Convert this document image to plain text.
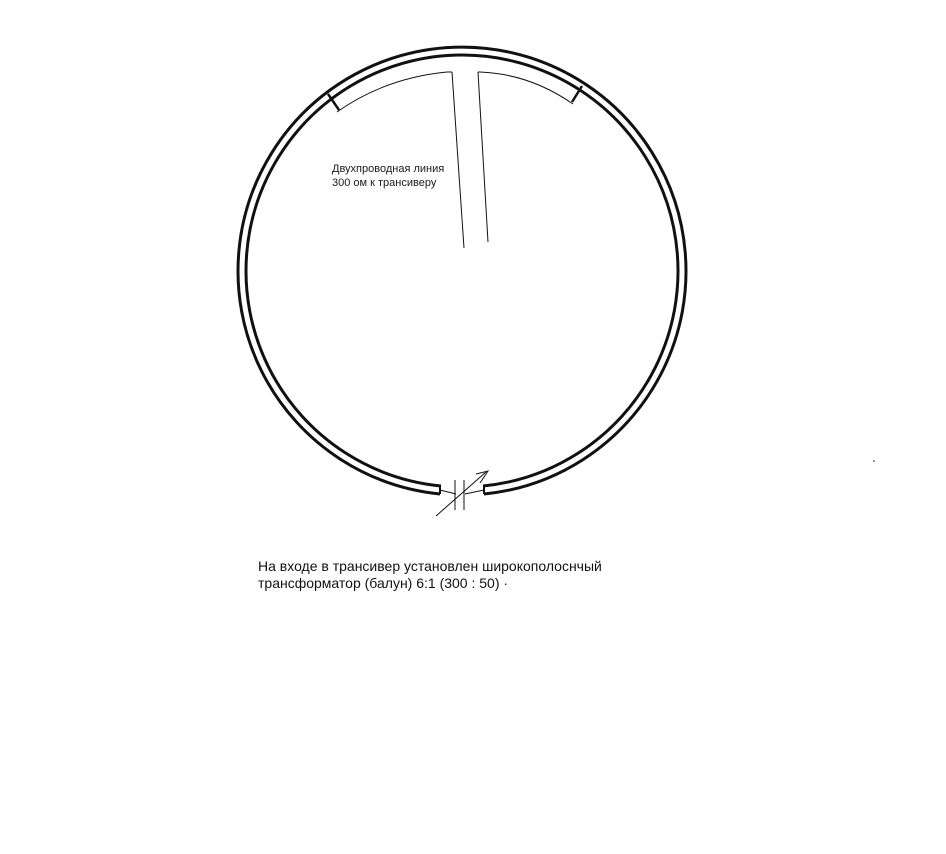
Двухпроводная линия
300 ом к трансиверу
На входе в трансивер установлен широкополоснчый
трансформатор (балун) 6:1 (300 : 50) ·
